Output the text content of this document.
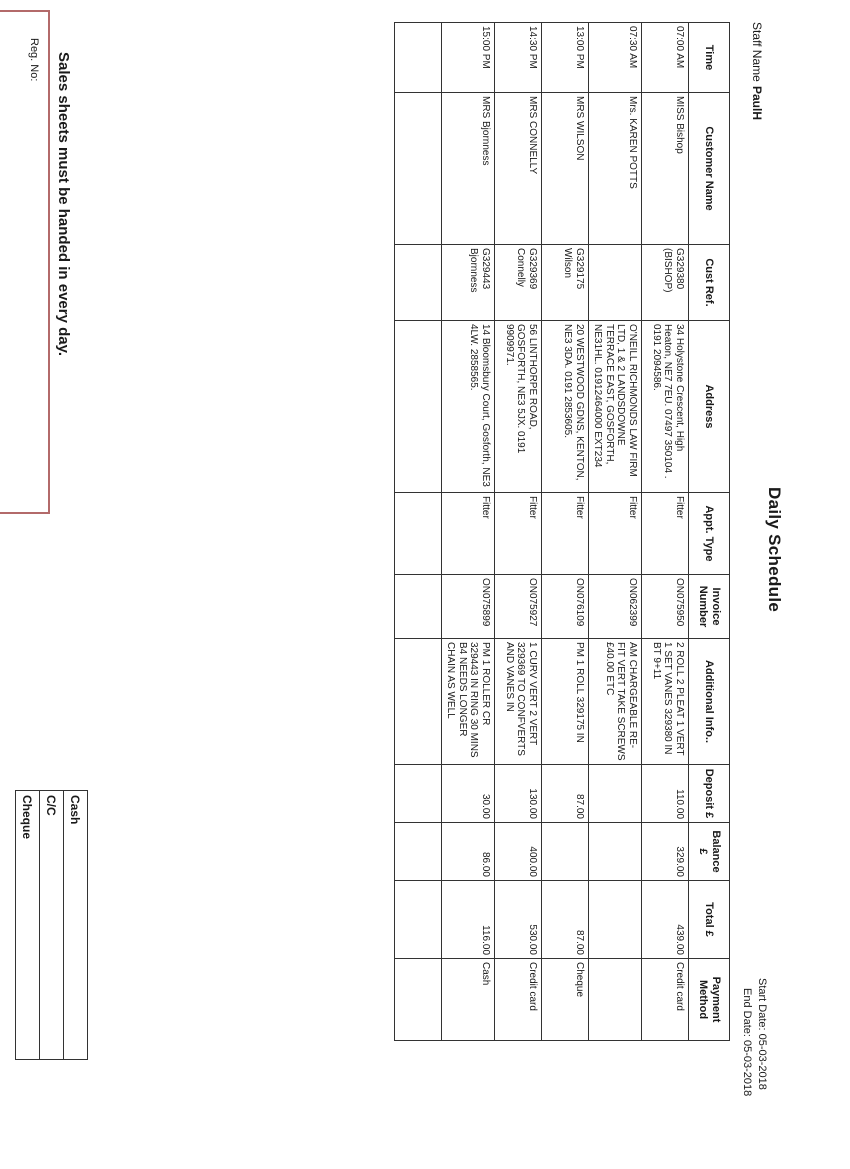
Staff Name
PaulH
Daily Schedule
Start Date: 05-03-2018
End Date: 05-03-2018
Time	Customer Name	Cust Ref.	Address	Appt. Type	Invoice Number	Additional Info..	Deposit £	Balance £	Total £	Payment Method
07:00 AM	MISS Bishop	G329380 (BISHOP)	34 Holystone Crescent, High Heaton, NE7 7EU. 07497 350104 . 0191 2094586.	Fitter	ON075950	2 ROLL 2 PLEAT 1 VERT 1 SET VANES 329380 IN BT 9+11	110.00	329.00	439.00	Credit card
07:30 AM	Mrs. KAREN POTTS		O'NEILL RICHMONDS LAW FIRM LTD, 1 & 2 LANDSDOWNE TERRACE EAST, GOSFORTH, NE31HL. 01912464000 EXT234	Fitter	ON062399	AM CHARGEABLE RE-FIT VERT TAKE SCREWS £40.00 ETC				
13:00 PM	MRS WILSON	G329175 Wilson	20 WESTWOOD GDNS, KENTON, NE3 3DA. 0191 2853605.	Fitter	ON076109	PM 1 ROLL 329175 IN	87.00		87.00	Cheque
14:30 PM	MRS CONNELLY	G329369 Connelly	56 LINTHORPE ROAD, GOSFORTH, NE3 5JX. 0191 9909971.	Fitter	ON075927	1 CURV VERT 2 VERT 329369 TO CONFVERTS AND VANES IN	130.00	400.00	530.00	Credit card
15:00 PM	MRS Bjornness	G329443 Bjornness	14 Bloomsbury Court, Gosforth, NE3 4LW. 2858565.	Fitter	ON075899	PM 1 ROLLER CR 329443 IN RING 30 MINS B4 NEEDS LONGER CHAIN AS WELL	30.00	86.00	116.00	Cash

Sales sheets must be handed in every day.
Reg. No:
Cash
C/C
Cheque
